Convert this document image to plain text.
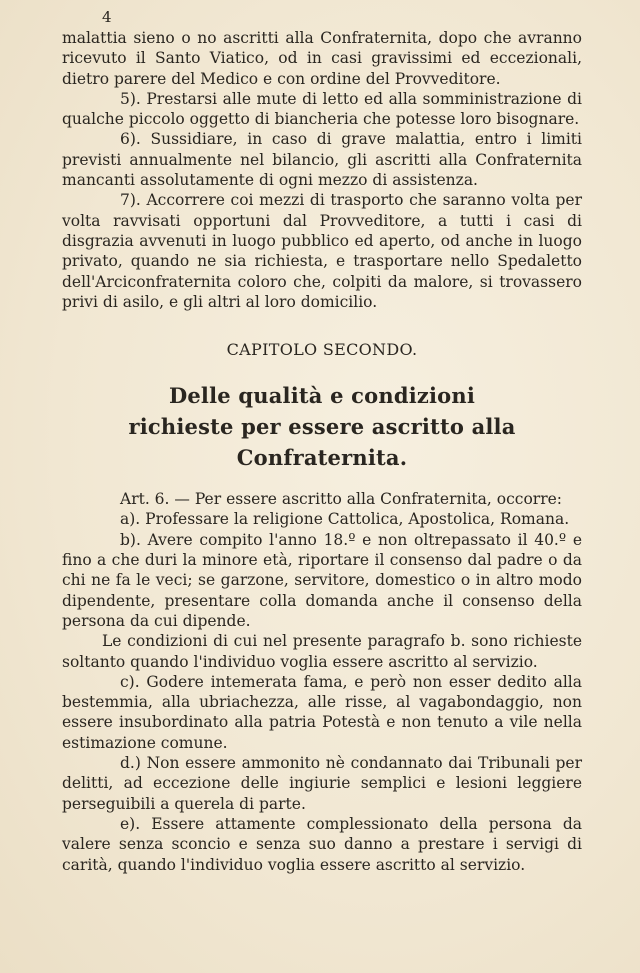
4

malattia sieno o no ascritti alla Confraternita, dopo che avranno ricevuto il Santo Viatico, od in casi gravissimi ed eccezionali, dietro parere del Medico e con ordine del Provveditore.

5). Prestarsi alle mute di letto ed alla somministrazione di qualche piccolo oggetto di biancheria che potesse loro bisognare.

6). Sussidiare, in caso di grave malattia, entro i limiti previsti annualmente nel bilancio, gli ascritti alla Confraternita mancanti assolutamente di ogni mezzo di assistenza.

7). Accorrere coi mezzi di trasporto che saranno volta per volta ravvisati opportuni dal Provveditore, a tutti i casi di disgrazia avvenuti in luogo pubblico ed aperto, od anche in luogo privato, quando ne sia richiesta, e trasportare nello Spedaletto dell'Arciconfraternita coloro che, colpiti da malore, si trovassero privi di asilo, e gli altri al loro domicilio.

CAPITOLO SECONDO.
Delle qualità e condizioni
richieste per essere ascritto alla Confraternita.

Art. 6. — Per essere ascritto alla Confraternita, occorre:

a). Professare la religione Cattolica, Apostolica, Romana.

b). Avere compito l'anno 18.º e non oltrepassato il 40.º e fino a che duri la minore età, riportare il consenso dal padre o da chi ne fa le veci; se garzone, servitore, domestico o in altro modo dipendente, presentare colla domanda anche il consenso della persona da cui dipende.

Le condizioni di cui nel presente paragrafo b. sono richieste soltanto quando l'individuo voglia essere ascritto al servizio.

c). Godere intemerata fama, e però non esser dedito alla bestemmia, alla ubriachezza, alle risse, al vagabondaggio, non essere insubordinato alla patria Potestà e non tenuto a vile nella estimazione comune.

d.) Non essere ammonito nè condannato dai Tribunali per delitti, ad eccezione delle ingiurie semplici e lesioni leggiere perseguibili a querela di parte.

e). Essere attamente complessionato della persona da valere senza sconcio e senza suo danno a prestare i servigi di carità, quando l'individuo voglia essere ascritto al servizio.
